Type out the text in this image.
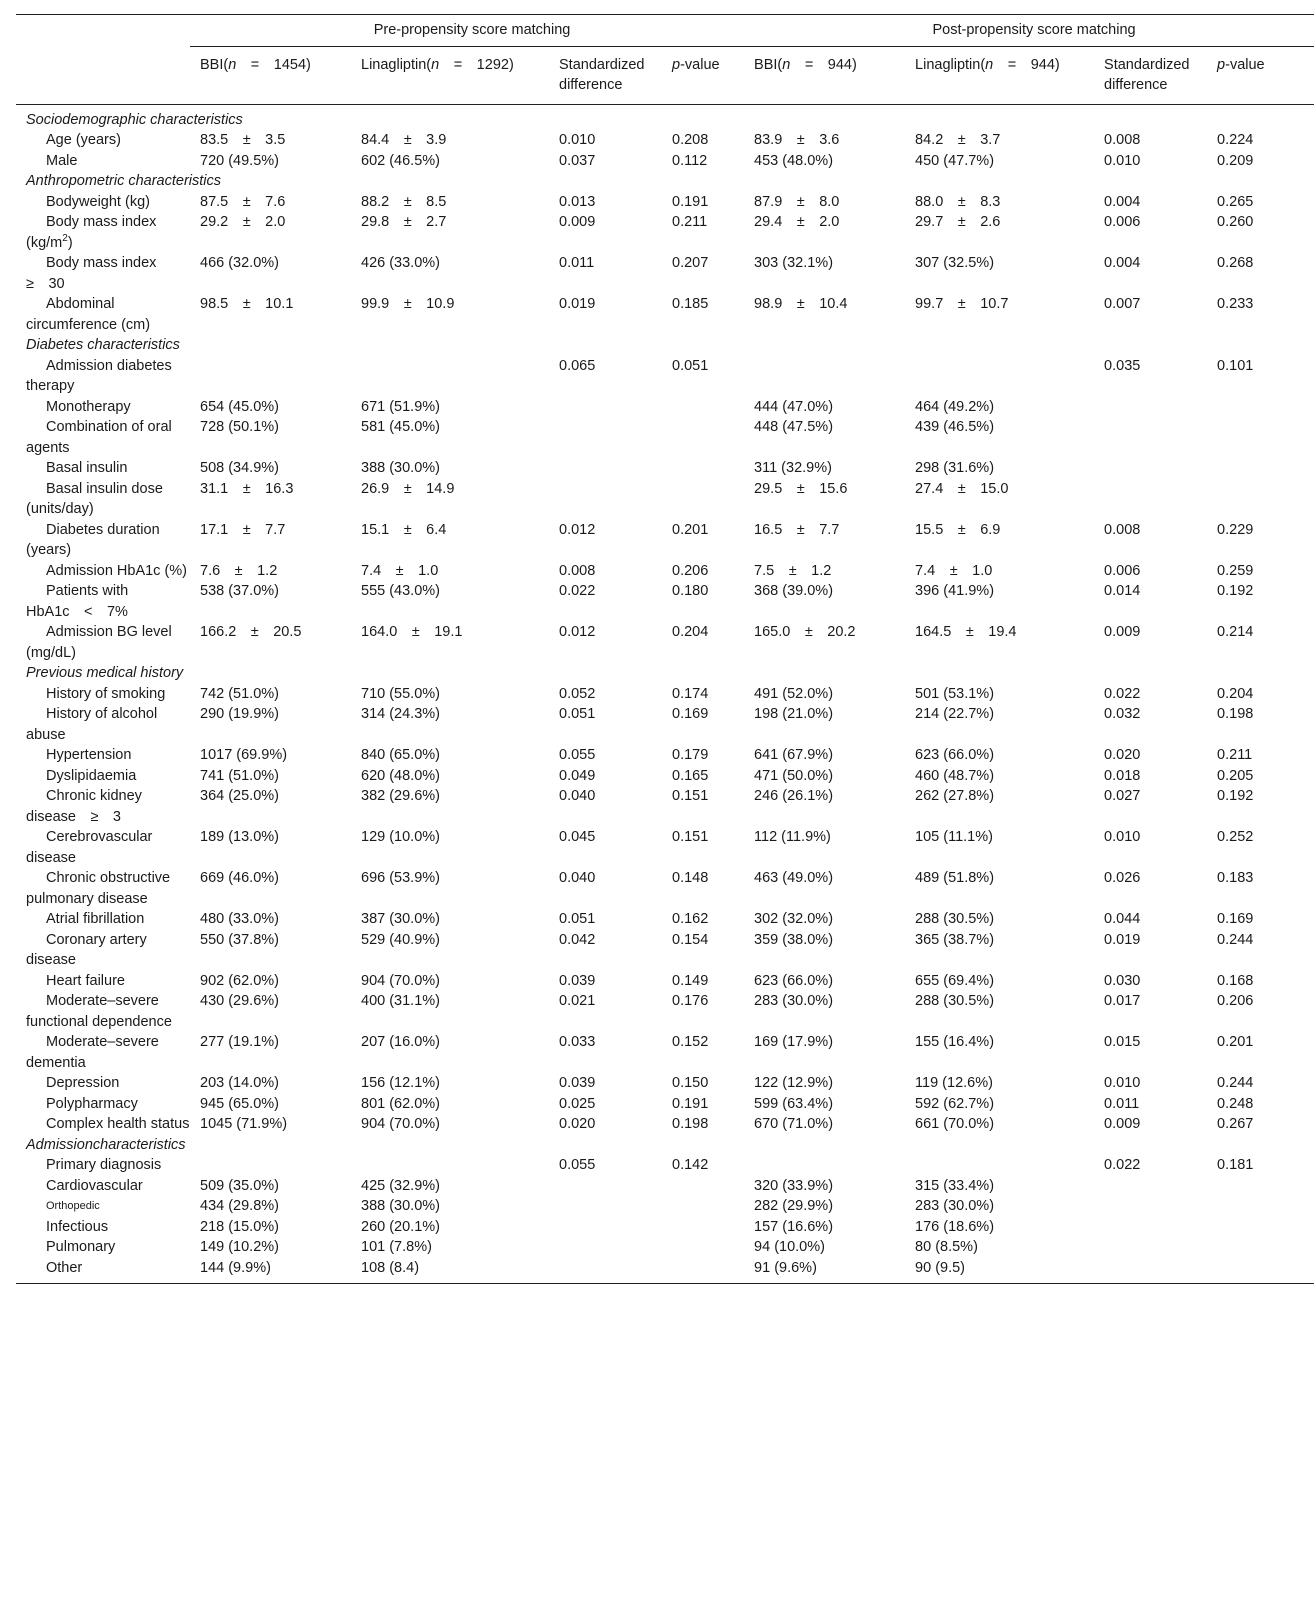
	Pre-propensity score matching				Post-propensity score matching			
	BBI(n = 1454)	Linagliptin(n = 1292)	Standardized difference	p-value	BBI(n = 944)	Linagliptin(n = 944)	Standardized difference	p-value
Sociodemographic characteristics								

Age (years)	83.5 ± 3.5	84.4 ± 3.9	0.010	0.208	83.9 ± 3.6	84.2 ± 3.7	0.008	0.224

Male	720 (49.5%)	602 (46.5%)	0.037	0.112	453 (48.0%)	450 (47.7%)	0.010	0.209
Anthropometric characteristics								

Bodyweight (kg)	87.5 ± 7.6	88.2 ± 8.5	0.013	0.191	87.9 ± 8.0	88.0 ± 8.3	0.004	0.265

Body mass index $(kg/m^2)$	29.2 ± 2.0	29.8 ± 2.7	0.009	0.211	29.4 ± 2.0	29.7 ± 2.6	0.006	0.260

Body mass index ≥ 30	466 (32.0%)	426 (33.0%)	0.011	0.207	303 (32.1%)	307 (32.5%)	0.004	0.268

Abdominal circumference (cm)	98.5 ± 10.1	99.9 ± 10.9	0.019	0.185	98.9 ± 10.4	99.7 ± 10.7	0.007	0.233
Diabetes characteristics								

Admission diabetes therapy			0.065	0.051			0.035	0.101

Monotherapy	654 (45.0%)	671 (51.9%)			444 (47.0%)	464 (49.2%)		

Combination of oral agents	728 (50.1%)	581 (45.0%)			448 (47.5%)	439 (46.5%)		

Basal insulin	508 (34.9%)	388 (30.0%)			311 (32.9%)	298 (31.6%)		

Basal insulin dose (units/day)	31.1 ± 16.3	26.9 ± 14.9			29.5 ± 15.6	27.4 ± 15.0		

Diabetes duration (years)	17.1 ± 7.7	15.1 ± 6.4	0.012	0.201	16.5 ± 7.7	15.5 ± 6.9	0.008	0.229

Admission HbA1c (%)	7.6 ± 1.2	7.4 ± 1.0	0.008	0.206	7.5 ± 1.2	7.4 ± 1.0	0.006	0.259

Patients with HbA1c < 7%	538 (37.0%)	555 (43.0%)	0.022	0.180	368 (39.0%)	396 (41.9%)	0.014	0.192

Admission BG level (mg/dL)	166.2 ± 20.5	164.0 ± 19.1	0.012	0.204	165.0 ± 20.2	164.5 ± 19.4	0.009	0.214
Previous medical history								

History of smoking	742 (51.0%)	710 (55.0%)	0.052	0.174	491 (52.0%)	501 (53.1%)	0.022	0.204

History of alcohol abuse	290 (19.9%)	314 (24.3%)	0.051	0.169	198 (21.0%)	214 (22.7%)	0.032	0.198

Hypertension	1017 (69.9%)	840 (65.0%)	0.055	0.179	641 (67.9%)	623 (66.0%)	0.020	0.211

Dyslipidaemia	741 (51.0%)	620 (48.0%)	0.049	0.165	471 (50.0%)	460 (48.7%)	0.018	0.205

Chronic kidney disease ≥ 3	364 (25.0%)	382 (29.6%)	0.040	0.151	246 (26.1%)	262 (27.8%)	0.027	0.192

Cerebrovascular disease	189 (13.0%)	129 (10.0%)	0.045	0.151	112 (11.9%)	105 (11.1%)	0.010	0.252

Chronic obstructive pulmonary disease	669 (46.0%)	696 (53.9%)	0.040	0.148	463 (49.0%)	489 (51.8%)	0.026	0.183

Atrial fibrillation	480 (33.0%)	387 (30.0%)	0.051	0.162	302 (32.0%)	288 (30.5%)	0.044	0.169

Coronary artery disease	550 (37.8%)	529 (40.9%)	0.042	0.154	359 (38.0%)	365 (38.7%)	0.019	0.244

Heart failure	902 (62.0%)	904 (70.0%)	0.039	0.149	623 (66.0%)	655 (69.4%)	0.030	0.168

Moderate–severe functional dependence	430 (29.6%)	400 (31.1%)	0.021	0.176	283 (30.0%)	288 (30.5%)	0.017	0.206

Moderate–severe dementia	277 (19.1%)	207 (16.0%)	0.033	0.152	169 (17.9%)	155 (16.4%)	0.015	0.201

Depression	203 (14.0%)	156 (12.1%)	0.039	0.150	122 (12.9%)	119 (12.6%)	0.010	0.244

Polypharmacy	945 (65.0%)	801 (62.0%)	0.025	0.191	599 (63.4%)	592 (62.7%)	0.011	0.248

Complex health status	1045 (71.9%)	904 (70.0%)	0.020	0.198	670 (71.0%)	661 (70.0%)	0.009	0.267
Admissioncharacteristics								

Primary diagnosis			0.055	0.142			0.022	0.181

Cardiovascular	509 (35.0%)	425 (32.9%)			320 (33.9%)	315 (33.4%)		

Orthopedic	434 (29.8%)	388 (30.0%)			282 (29.9%)	283 (30.0%)		

Infectious	218 (15.0%)	260 (20.1%)			157 (16.6%)	176 (18.6%)		

Pulmonary	149 (10.2%)	101 (7.8%)			94 (10.0%)	80 (8.5%)		

Other	144 (9.9%)	108 (8.4)			91 (9.6%)	90 (9.5)		
